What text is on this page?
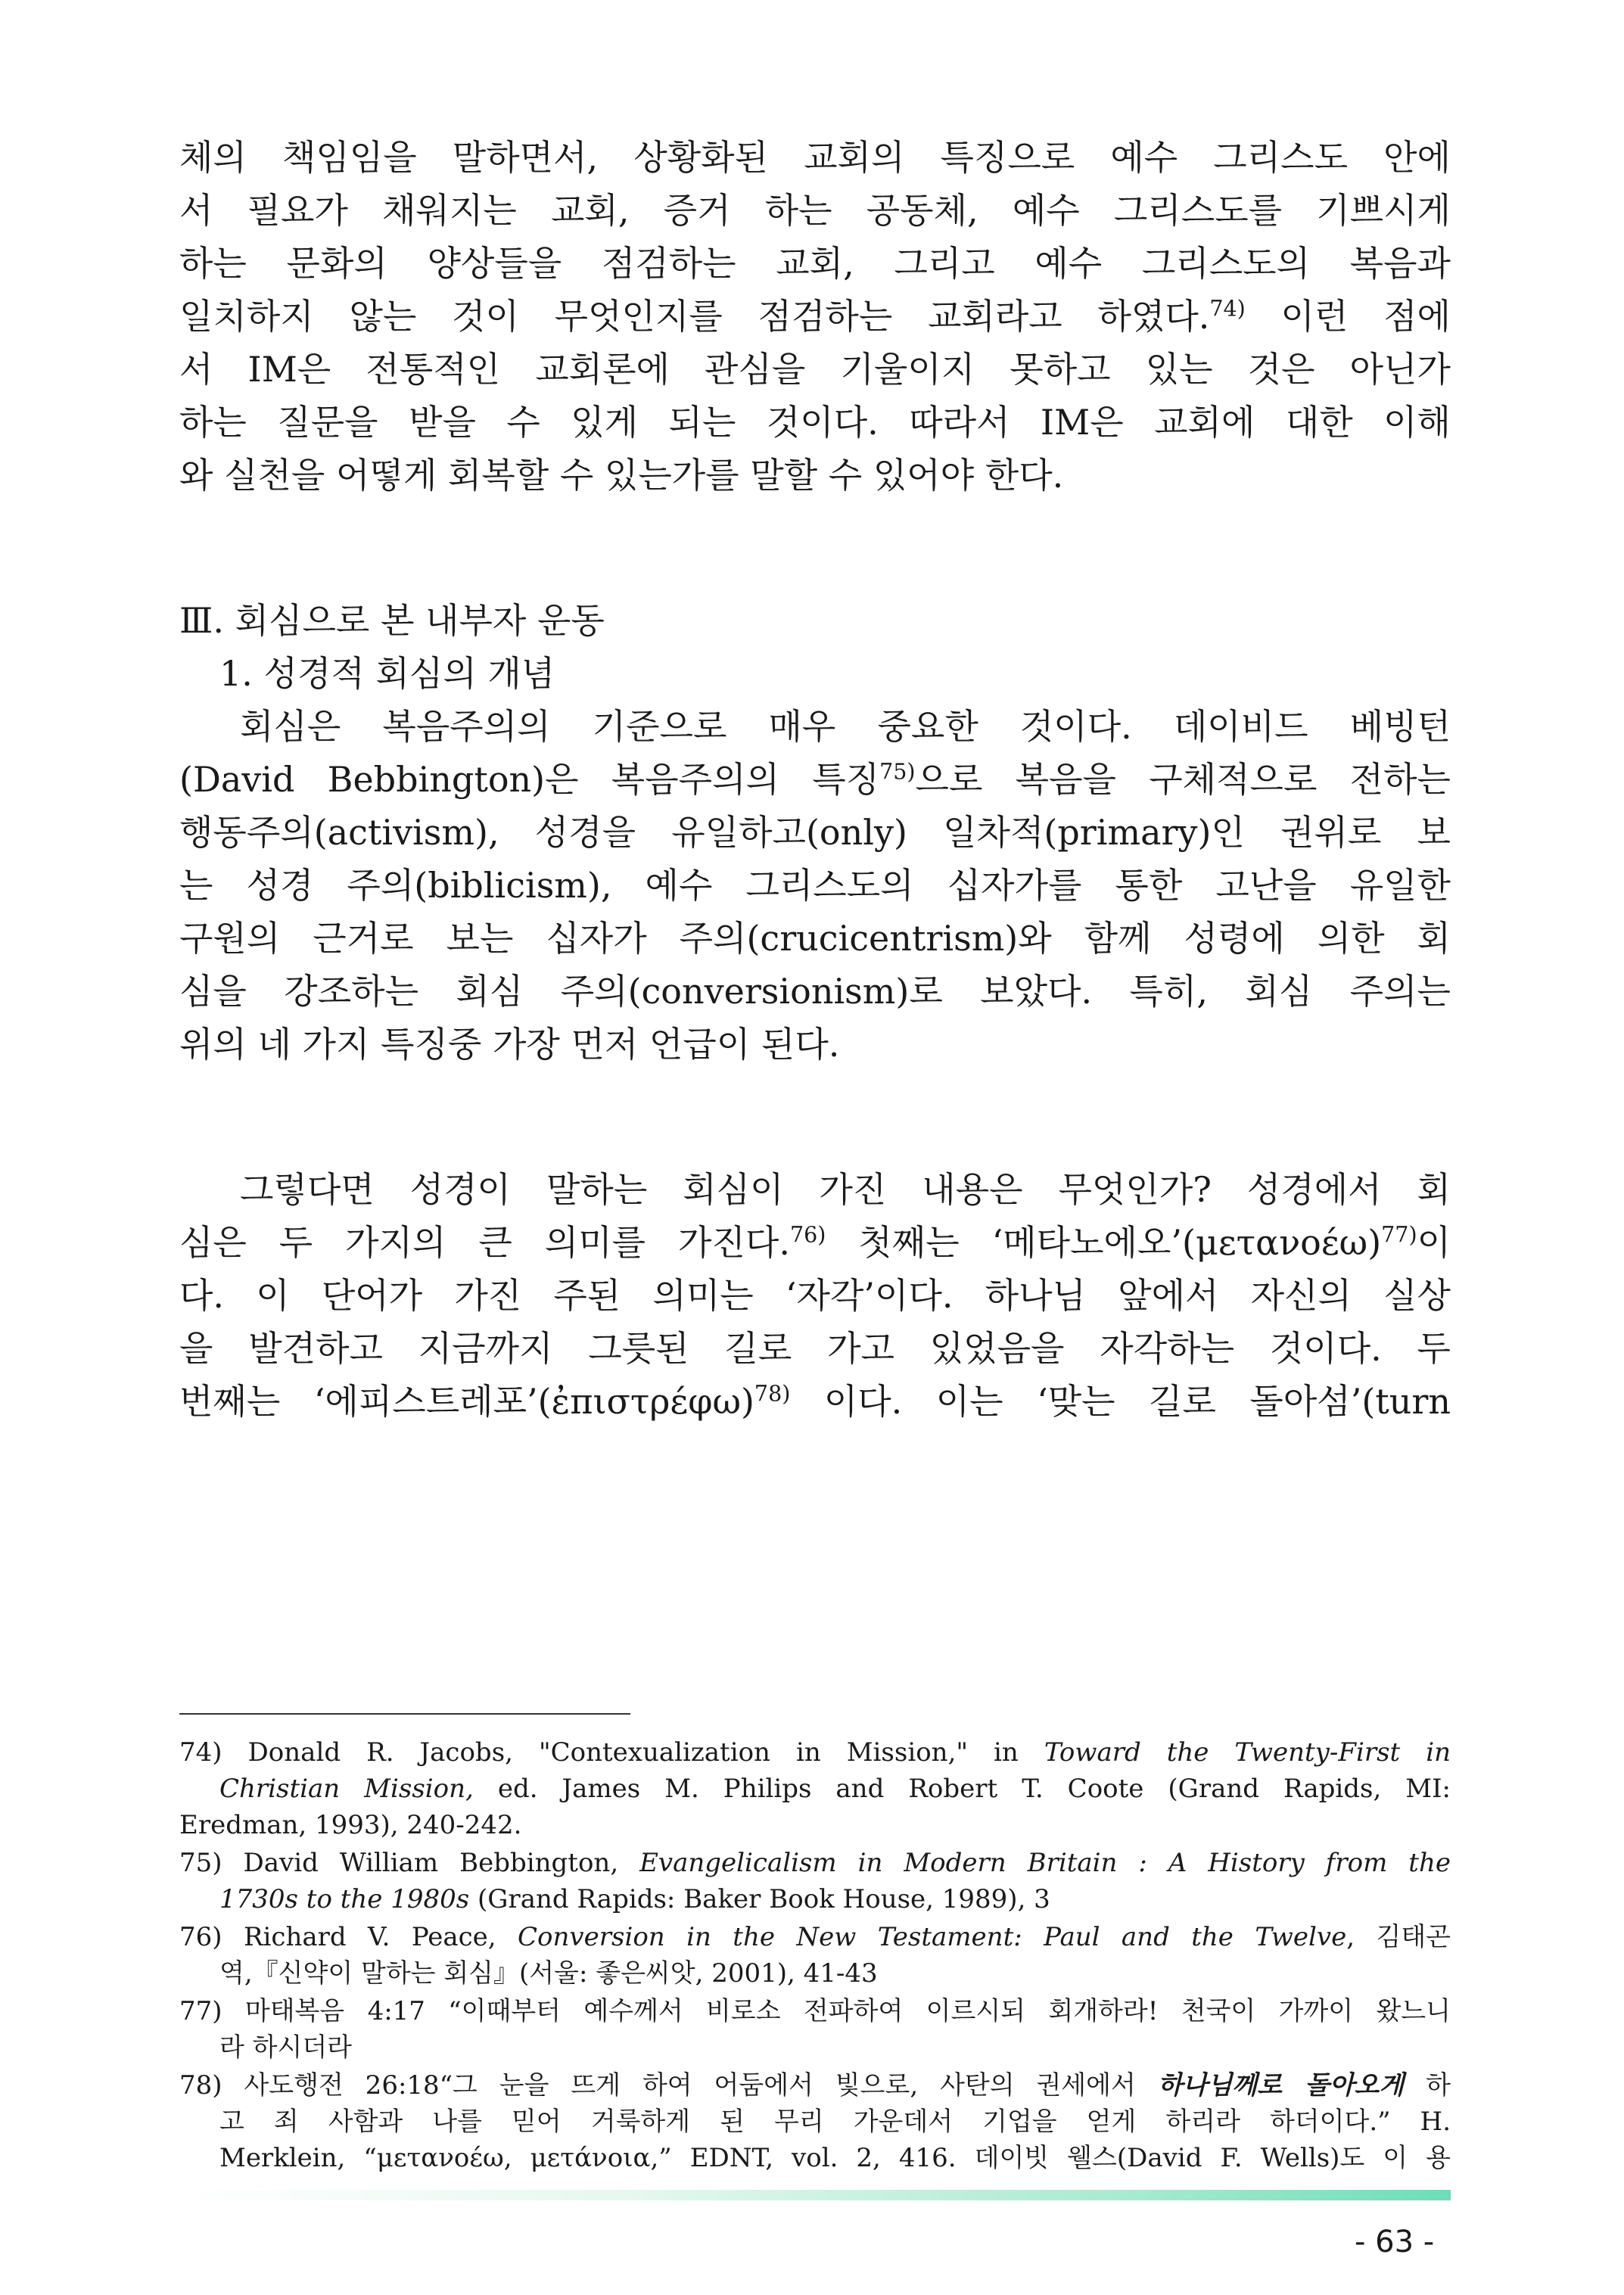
체의 책임임을 말하면서, 상황화된 교회의 특징으로 예수 그리스도 안에
서 필요가 채워지는 교회, 증거 하는 공동체, 예수 그리스도를 기쁘시게
하는 문화의 양상들을 점검하는 교회, 그리고 예수 그리스도의 복음과
일치하지 않는 것이 무엇인지를 점검하는 교회라고 하였다.$^{74)}$ 이런 점에
서 IM은 전통적인 교회론에 관심을 기울이지 못하고 있는 것은 아닌가
하는 질문을 받을 수 있게 되는 것이다. 따라서 IM은 교회에 대한 이해
와 실천을 어떻게 회복할 수 있는가를 말할 수 있어야 한다.
Ⅲ. 회심으로 본 내부자 운동
1. 성경적 회심의 개념
회심은 복음주의의 기준으로 매우 중요한 것이다. 데이비드 베빙턴
(David Bebbington)은 복음주의의 특징$^{75)}$으로 복음을 구체적으로 전하는
행동주의(activism), 성경을 유일하고(only) 일차적(primary)인 권위로 보
는 성경 주의(biblicism), 예수 그리스도의 십자가를 통한 고난을 유일한
구원의 근거로 보는 십자가 주의(crucicentrism)와 함께 성령에 의한 회
심을 강조하는 회심 주의(conversionism)로 보았다. 특히, 회심 주의는
위의 네 가지 특징중 가장 먼저 언급이 된다.
그렇다면 성경이 말하는 회심이 가진 내용은 무엇인가? 성경에서 회
심은 두 가지의 큰 의미를 가진다.$^{76)}$ 첫째는 ‘메타노에오$’(\mu\varepsilon\tau\alpha\nu oέ\omega)^{77)}$이
다. 이 단어가 가진 주된 의미는 ‘자각’이다. 하나님 앞에서 자신의 실상
을 발견하고 지금까지 그릇된 길로 가고 있었음을 자각하는 것이다. 두
번째는 ‘에피스트레포’(ἐπιστρέφω)$^{78)}$ 이다. 이는 ‘맞는 길로 돌아섬’(turn
74) Donald R. Jacobs, "Contexualization in Mission," in Toward the Twenty-First in
Christian Mission, ed. James M. Philips and Robert T. Coote (Grand Rapids, MI:
Eredman, 1993), 240-242.
75) David William Bebbington, Evangelicalism in Modern Britain : A History from the
1730s to the 1980s (Grand Rapids: Baker Book House, 1989), 3
76) Richard V. Peace, Conversion in the New Testament: Paul and the Twelve, 김태곤
역,『신약이 말하는 회심』(서울: 좋은씨앗, 2001), 41-43
77) 마태복음 4:17 “이때부터 예수께서 비로소 전파하여 이르시되 회개하라! 천국이 가까이 왔느니
라 하시더라
78) 사도행전 26:18“그 눈을 뜨게 하여 어둠에서 빛으로, 사탄의 권세에서 하나님께로 돌아오게 하
고 죄 사함과 나를 믿어 거룩하게 된 무리 가운데서 기업을 얻게 하리라 하더이다.” H.
Merklein, “μετανοέω, μετάνοια,” EDNT, vol. 2, 416. 데이빗 웰스(David F. Wells)도 이 용
- 63 -
